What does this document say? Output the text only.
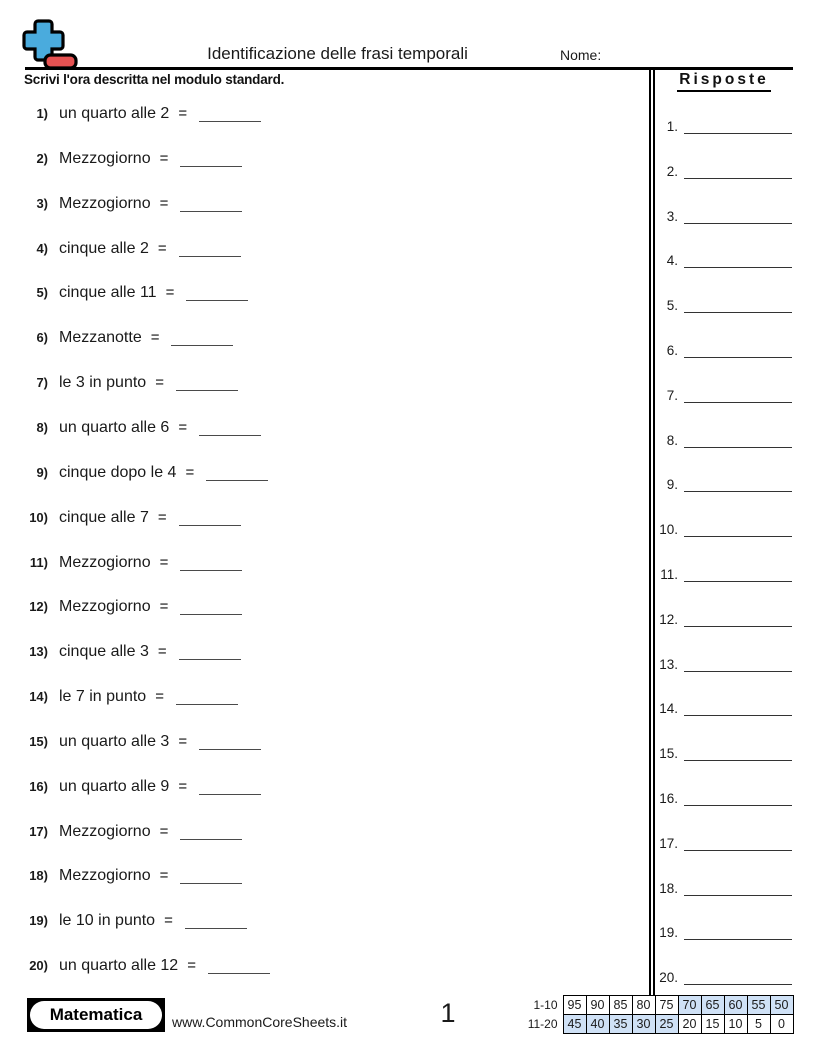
Identificazione delle frasi temporali	Nome:
Scrivi l'ora descritta nel modulo standard.
1) un quarto alle 2 =
2) Mezzogiorno =
3) Mezzogiorno =
4) cinque alle 2 =
5) cinque alle 11 =
6) Mezzanotte =
7) le 3 in punto =
8) un quarto alle 6 =
9) cinque dopo le 4 =
10) cinque alle 7 =
11) Mezzogiorno =
12) Mezzogiorno =
13) cinque alle 3 =
14) le 7 in punto =
15) un quarto alle 3 =
16) un quarto alle 9 =
17) Mezzogiorno =
18) Mezzogiorno =
19) le 10 in punto =
20) un quarto alle 12 =
Risposte
1.
2.
3.
4.
5.
6.
7.
8.
9.
10.
11.
12.
13.
14.
15.
16.
17.
18.
19.
20.
Matematica	www.CommonCoreSheets.it	1	1-10	95	90	85	80	75	70	65	60	55	50
11-20	45	40	35	30	25	20	15	10	5	0
